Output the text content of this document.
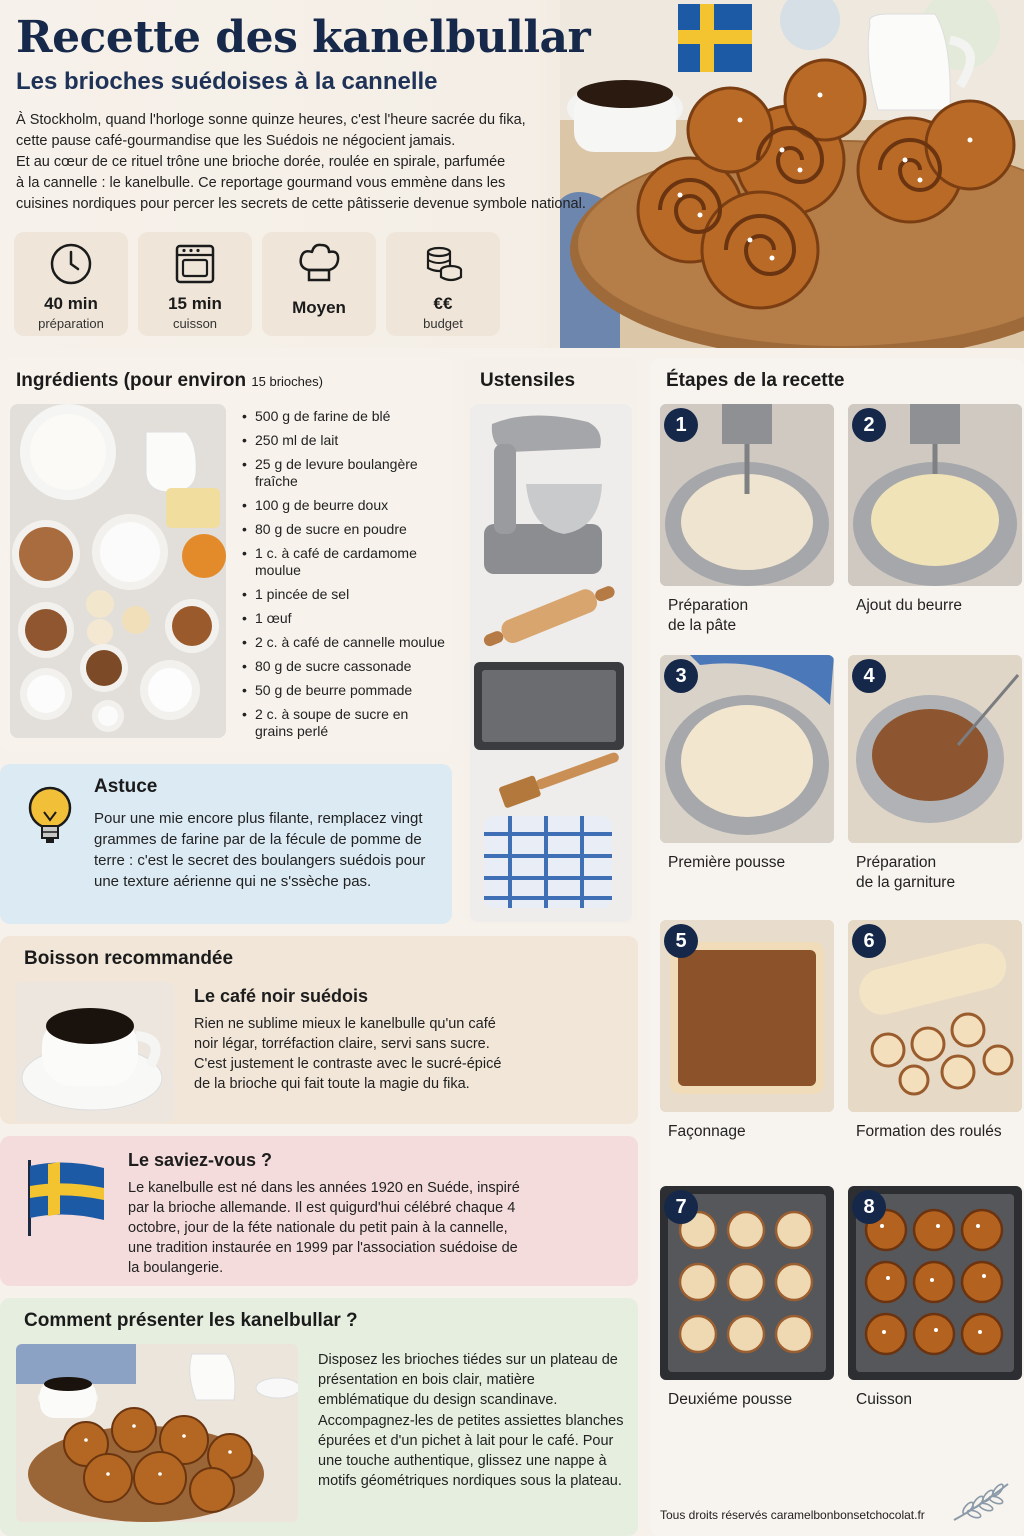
Recette des kanelbullar
Les brioches suédoises à la cannelle

À Stockholm, quand l'horloge sonne quinze heures, c'est l'heure sacrée du fika,

cette pause café-gourmandise que les Suédois ne négocient jamais.

Et au cœur de ce rituel trône une brioche dorée, roulée en spirale, parfumée

à la cannelle : le kanelbulle. Ce reportage gourmand vous emmène dans les

cuisines nordiques pour percer les secrets de cette pâtisserie devenue symbole national.

40 min
préparation
15 min
cuisson
Moyen	€€
budget
Ingrédients (pour environ 15 brioches)
• 500 g de farine de blé
• 250 ml de lait
• 25 g de levure boulangère fraîche
• 100 g de beurre doux
• 80 g de sucre en poudre
• 1 c. à café de cardamome moulue
• 1 pincée de sel
• 1 œuf
• 2 c. à café de cannelle moulue
• 80 g de sucre cassonade
• 50 g de beurre pommade
• 2 c. à soupe de sucre en grains perlé
Ustensiles
Astuce
Pour une mie encore plus filante, remplacez vingt grammes de farine par de la fécule de pomme de terre : c'est le secret des boulangers suédois pour une texture aérienne qui ne s'ssèche pas.
Boisson recommandée
Le café noir suédois
Rien ne sublime mieux le kanelbulle qu'un café noir légar, torréfaction claire, servi sans sucre. C'est justement le contraste avec le sucré-épicé de la brioche qui fait toute la magie du fika.
Le saviez-vous ?
Le kanelbulle est né dans les années 1920 en Suéde, inspiré par la brioche allemande. Il est quigurd'hui célébré chaque 4 octobre, jour de la féte nationale du petit pain à la cannelle, une tradition instaurée en 1999 par l'association suédoise de la boulangerie.
Comment présenter les kanelbullar ?
Disposez les brioches tiédes sur un plateau de présentation en bois clair, matière emblématique du design scandinave. Accompagnez-les de petites assiettes blanches épurées et d'un pichet à lait pour le café. Pour une touche authentique, glissez une nappe à motifs géométriques nordiques sous la plateau.
Étapes de la recette
1
Préparation
de la pâte
2
Ajout du beurre
3
Première pousse
4
Préparation
de la garniture
5
Façonnage
6
Formation des roulés
7
Deuxiéme pousse
8
Cuisson
Tous droits réservés caramelbonbonsetchocolat.fr
